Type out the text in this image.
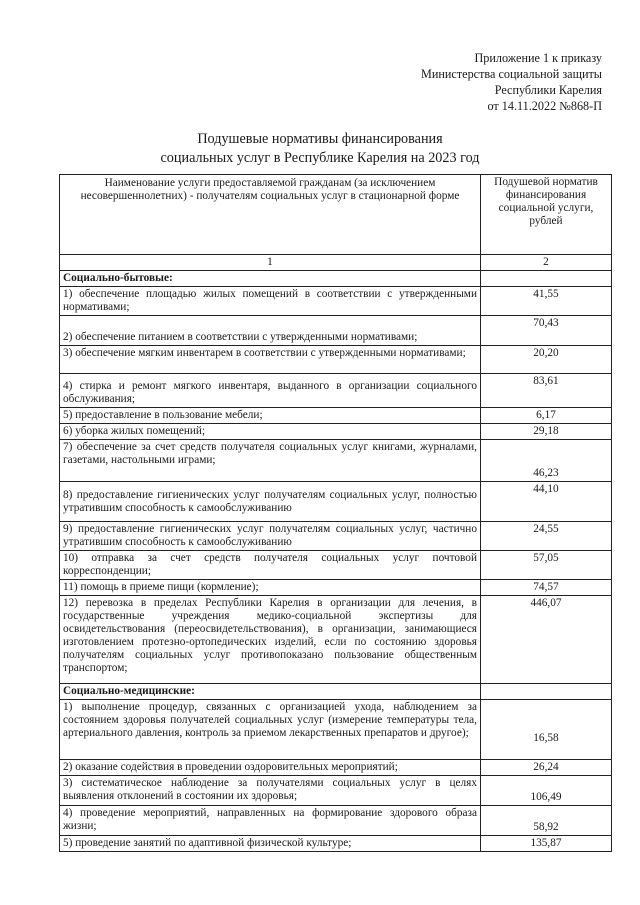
Приложение 1 к приказу
Министерства социальной защиты
Республики Карелия
от 14.11.2022 №868-П
Подушевые нормативы финансирования
социальных услуг в Республике Карелия на 2023 год
Наименование услуги предоставляемой гражданам (за исключением несовершеннолетних) - получателям социальных услуг в стационарной форме	Подушевой норматив финансирования социальной услуги, рублей
1	2
Социально-бытовые:	
1) обеспечение площадью жилых помещений в соответствии с утвержденными нормативами;	41,55
2) обеспечение питанием в соответствии с утвержденными нормативами;	70,43
3) обеспечение мягким инвентарем в соответствии с утвержденными нормативами;	20,20
4) стирка и ремонт мягкого инвентаря, выданного в организации социального обслуживания;	83,61
5) предоставление в пользование мебели;	6,17
6) уборка жилых помещений;	29,18
7) обеспечение за счет средств получателя социальных услуг книгами, журналами, газетами, настольными играми;	46,23
8) предоставление гигиенических услуг получателям социальных услуг, полностью утратившим способность к самообслуживанию	44,10
9) предоставление гигиенических услуг получателям социальных услуг, частично утратившим способность к самообслуживанию	24,55
10) отправка за счет средств получателя социальных услуг почтовой корреспонденции;	57,05
11) помощь в приеме пищи (кормление);	74,57
12) перевозка в пределах Республики Карелия в организации для лечения, в государственные учреждения медико-социальной экспертизы для освидетельствования (переосвидетельствования), в организации, занимающиеся изготовлением протезно-ортопедических изделий, если по состоянию здоровья получателям социальных услуг противопоказано пользование общественным транспортом;	446,07
Социально-медицинские:	
1) выполнение процедур, связанных с организацией ухода, наблюдением за состоянием здоровья получателей социальных услуг (измерение температуры тела, артериального давления, контроль за приемом лекарственных препаратов и другое);	16,58
2) оказание содействия в проведении оздоровительных мероприятий;	26,24
3) систематическое наблюдение за получателями социальных услуг в целях выявления отклонений в состоянии их здоровья;	106,49
4) проведение мероприятий, направленных на формирование здорового образа жизни;	58,92
5) проведение занятий по адаптивной физической культуре;	135,87
